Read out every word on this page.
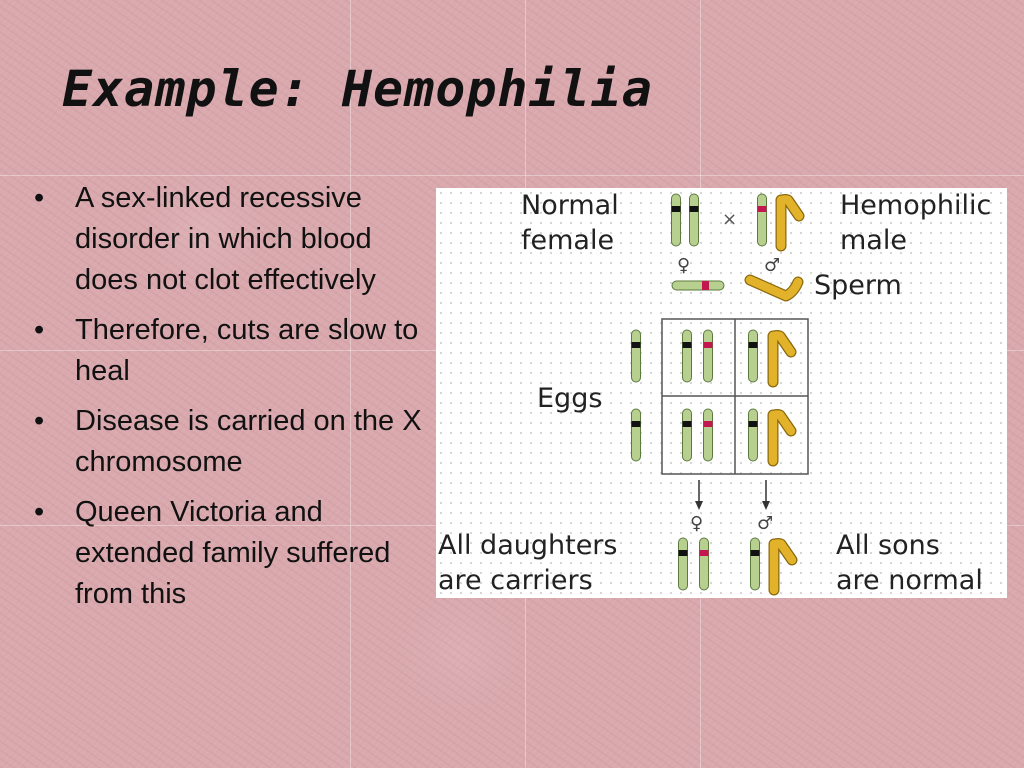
Example: Hemophilia
• A sex-linked recessive disorder in which blood does not clot effectively
• Therefore, cuts are slow to heal
• Disease is carried on the X chromosome
• Queen Victoria and extended family suffered from this
Normal
female
Hemophilic
male
×
♀	♂
Sperm
Eggs
♀	♂
All daughters
are carriers
All sons
are normal
